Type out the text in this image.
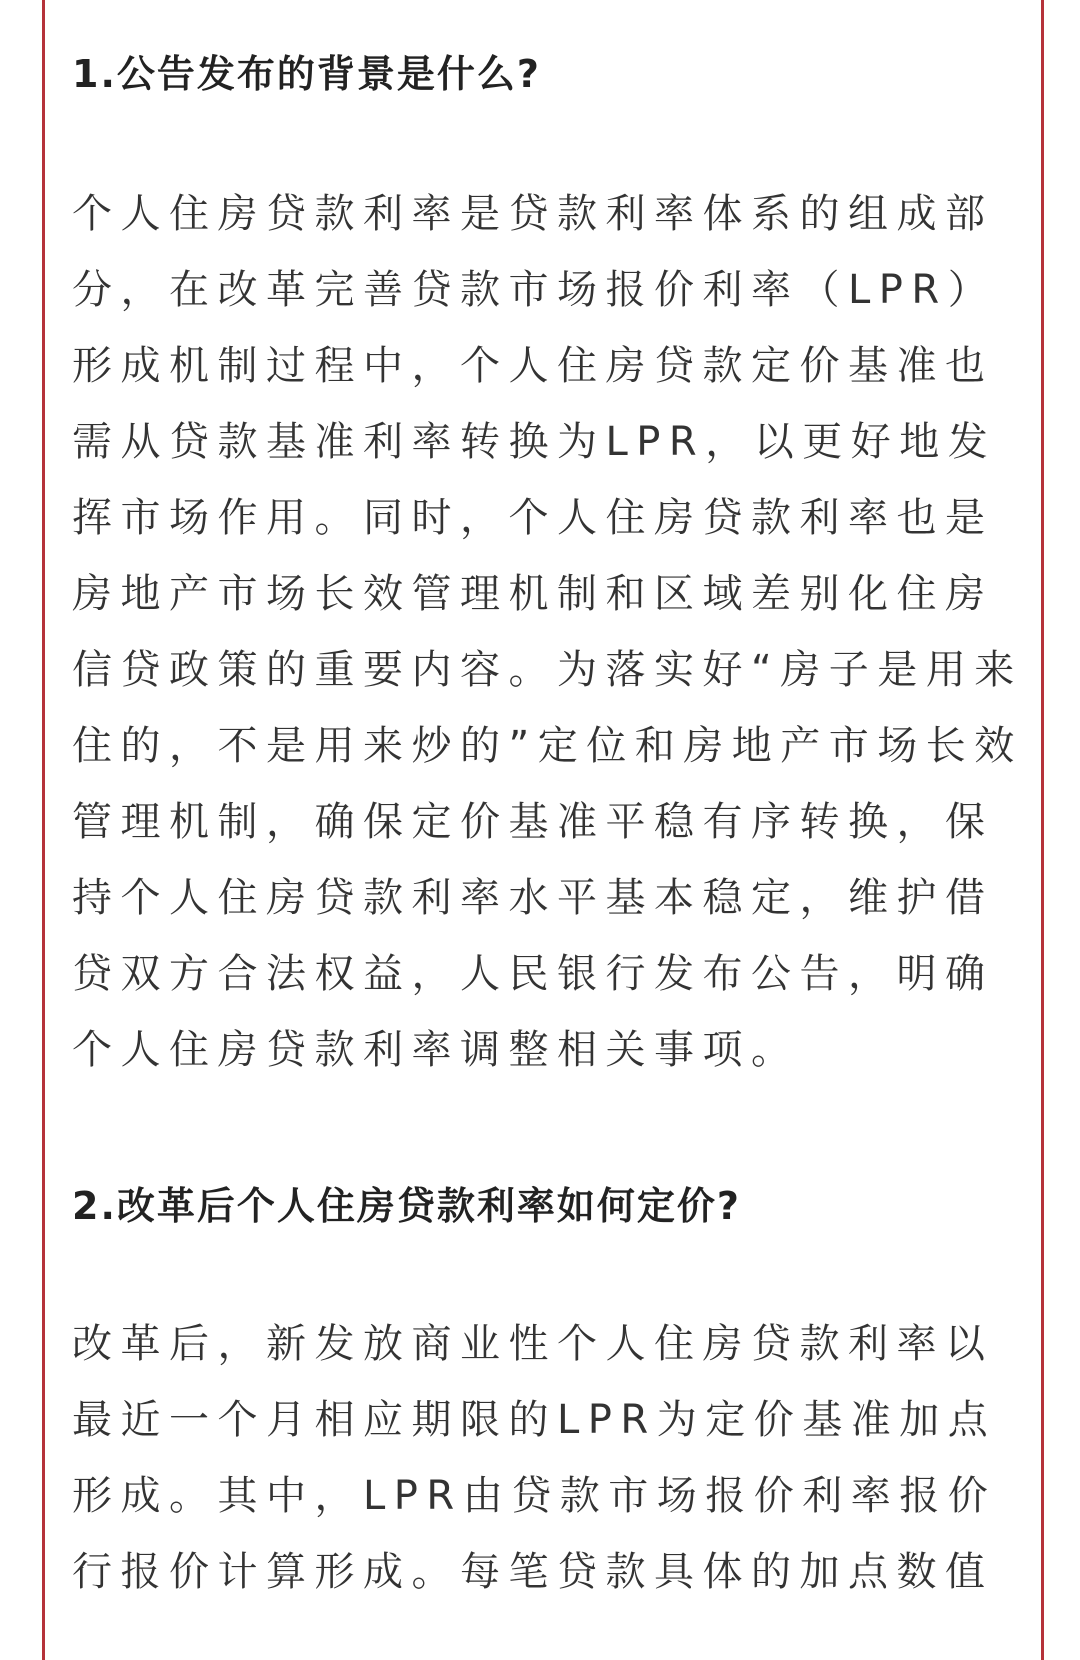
1.公告发布的背景是什么?
个人住房贷款利率是贷款利率体系的组成部
分，在改革完善贷款市场报价利率（LPR）
形成机制过程中，个人住房贷款定价基准也
需从贷款基准利率转换为LPR，以更好地发
挥市场作用。同时，个人住房贷款利率也是
房地产市场长效管理机制和区域差别化住房
信贷政策的重要内容。为落实好“房子是用来
住的，不是用来炒的”定位和房地产市场长效
管理机制，确保定价基准平稳有序转换，保
持个人住房贷款利率水平基本稳定，维护借
贷双方合法权益，人民银行发布公告，明确
个人住房贷款利率调整相关事项。
2.改革后个人住房贷款利率如何定价?
改革后，新发放商业性个人住房贷款利率以
最近一个月相应期限的LPR为定价基准加点
形成。其中，LPR由贷款市场报价利率报价
行报价计算形成。每笔贷款具体的加点数值
